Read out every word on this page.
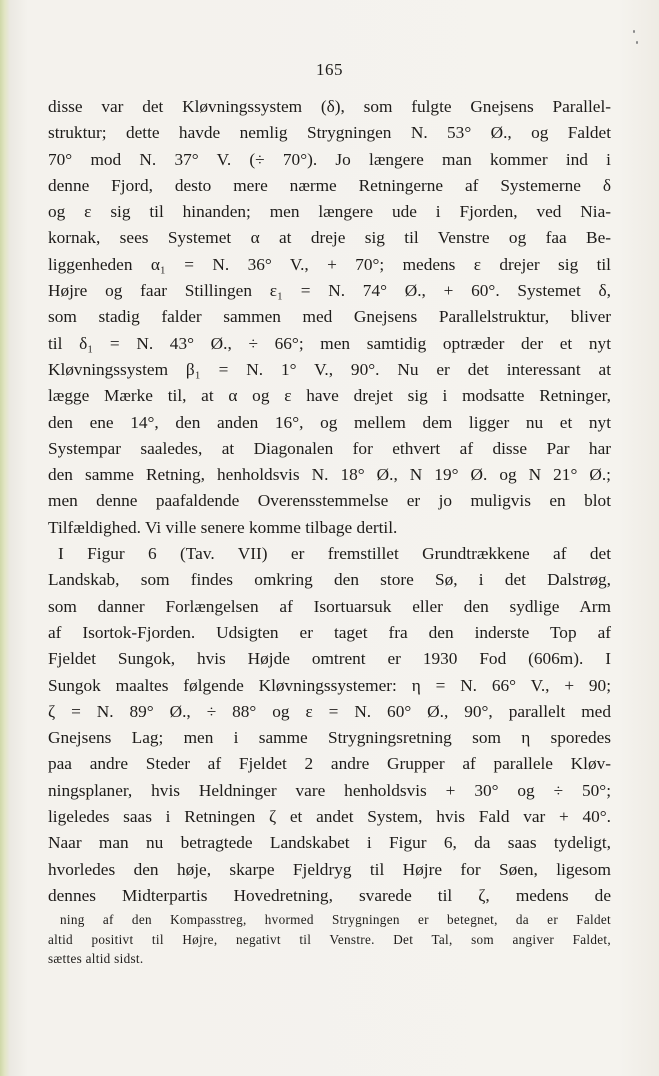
165
disse var det Kløvningssystem (δ), som fulgte Gnejsens Parallel-
struktur; dette havde nemlig Strygningen N. 53° Ø., og Faldet
70° mod N. 37° V. (÷ 70°). Jo længere man kommer ind i
denne Fjord, desto mere nærme Retningerne af Systemerne δ
og ε sig til hinanden; men længere ude i Fjorden, ved Nia-
kornak, sees Systemet α at dreje sig til Venstre og faa Be-
liggenheden α₁ = N. 36° V., + 70°; medens ε drejer sig til
Højre og faar Stillingen ε₁ = N. 74° Ø., + 60°. Systemet δ,
som stadig falder sammen med Gnejsens Parallelstruktur, bliver
til δ₁ = N. 43° Ø., ÷ 66°; men samtidig optræder der et nyt
Kløvningssystem β₁ = N. 1° V., 90°. Nu er det interessant at
lægge Mærke til, at α og ε have drejet sig i modsatte Retninger,
den ene 14°, den anden 16°, og mellem dem ligger nu et nyt
Systempar saaledes, at Diagonalen for ethvert af disse Par har
den samme Retning, henholdsvis N. 18° Ø., N 19° Ø. og N 21° Ø.;
men denne paafaldende Overensstemmelse er jo muligvis en blot
Tilfældighed. Vi ville senere komme tilbage dertil.
I Figur 6 (Tav. VII) er fremstillet Grundtrækkene af det
Landskab, som findes omkring den store Sø, i det Dalstrøg,
som danner Forlængelsen af Isortuarsuk eller den sydlige Arm
af Isortok-Fjorden. Udsigten er taget fra den inderste Top af
Fjeldet Sungok, hvis Højde omtrent er 1930 Fod (606m). I
Sungok maaltes følgende Kløvningssystemer: η = N. 66° V., + 90;
ζ = N. 89° Ø., ÷ 88° og ε = N. 60° Ø., 90°, parallelt med
Gnejsens Lag; men i samme Strygningsretning som η sporedes
paa andre Steder af Fjeldet 2 andre Grupper af parallele Kløv-
ningsplaner, hvis Heldninger vare henholdsvis + 30° og ÷ 50°;
ligeledes saas i Retningen ζ et andet System, hvis Fald var + 40°.
Naar man nu betragtede Landskabet i Figur 6, da saas tydeligt,
hvorledes den høje, skarpe Fjeldryg til Højre for Søen, ligesom
dennes Midterpartis Hovedretning, svarede til ζ, medens de
ning af den Kompasstreg, hvormed Strygningen er betegnet, da er Faldet
altid positivt til Højre, negativt til Venstre. Det Tal, som angiver Faldet,
sættes altid sidst.
